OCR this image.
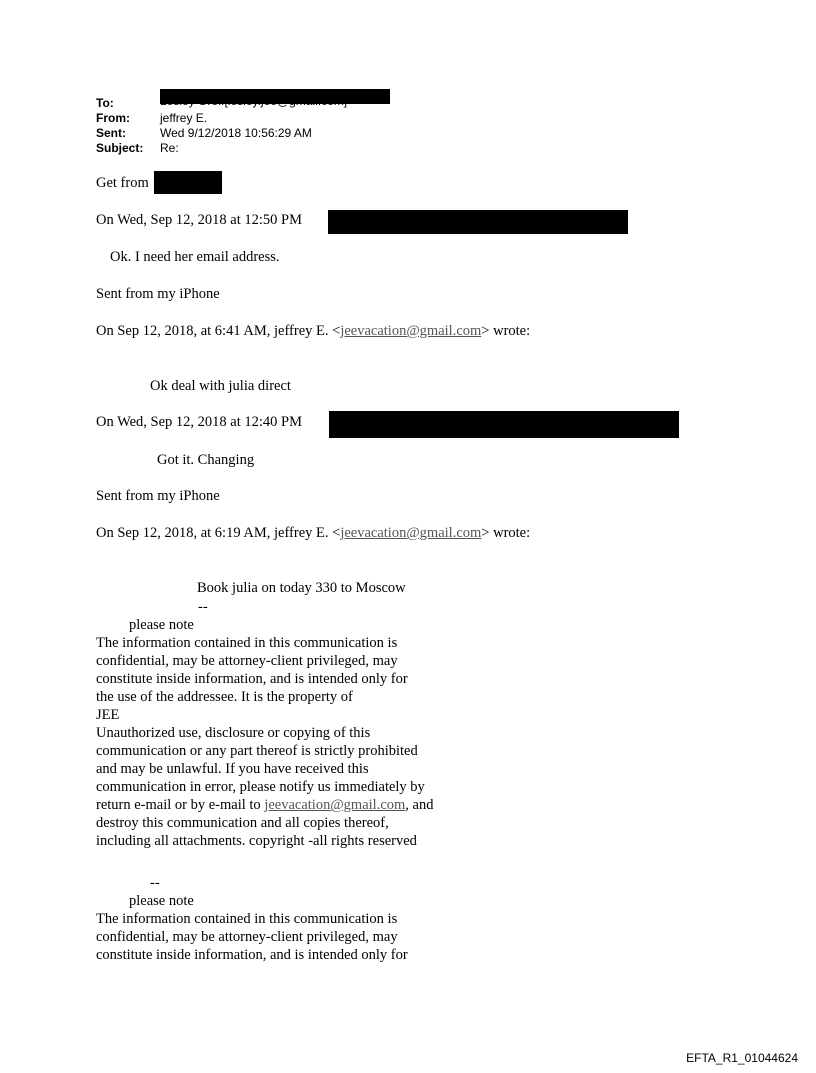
To:
From:	jeffrey E.
Sent:	Wed 9/12/2018 10:56:29 AM
Subject: Re:
Get from
On Wed, Sep 12, 2018 at 12:50 PM
Ok. I need her email address.
Sent from my iPhone
On Sep 12, 2018, at 6:41 AM, jeffrey E. <jeevacation@gmail.com> wrote:
Ok deal with julia direct
On Wed, Sep 12, 2018 at 12:40 PM
Got it. Changing
Sent from my iPhone
On Sep 12, 2018, at 6:19 AM, jeffrey E. <jeevacation@gmail.com> wrote:
Book julia on today 330 to Moscow
--
please note
The information contained in this communication is
confidential, may be attorney-client privileged, may
constitute inside information, and is intended only for
the use of the addressee. It is the property of
JEE
Unauthorized use, disclosure or copying of this
communication or any part thereof is strictly prohibited
and may be unlawful. If you have received this
communication in error, please notify us immediately by
return e-mail or by e-mail to jeevacation@gmail.com, and
destroy this communication and all copies thereof,
including all attachments. copyright -all rights reserved
--
please note
The information contained in this communication is
confidential, may be attorney-client privileged, may
constitute inside information, and is intended only for
EFTA_R1_01044624
